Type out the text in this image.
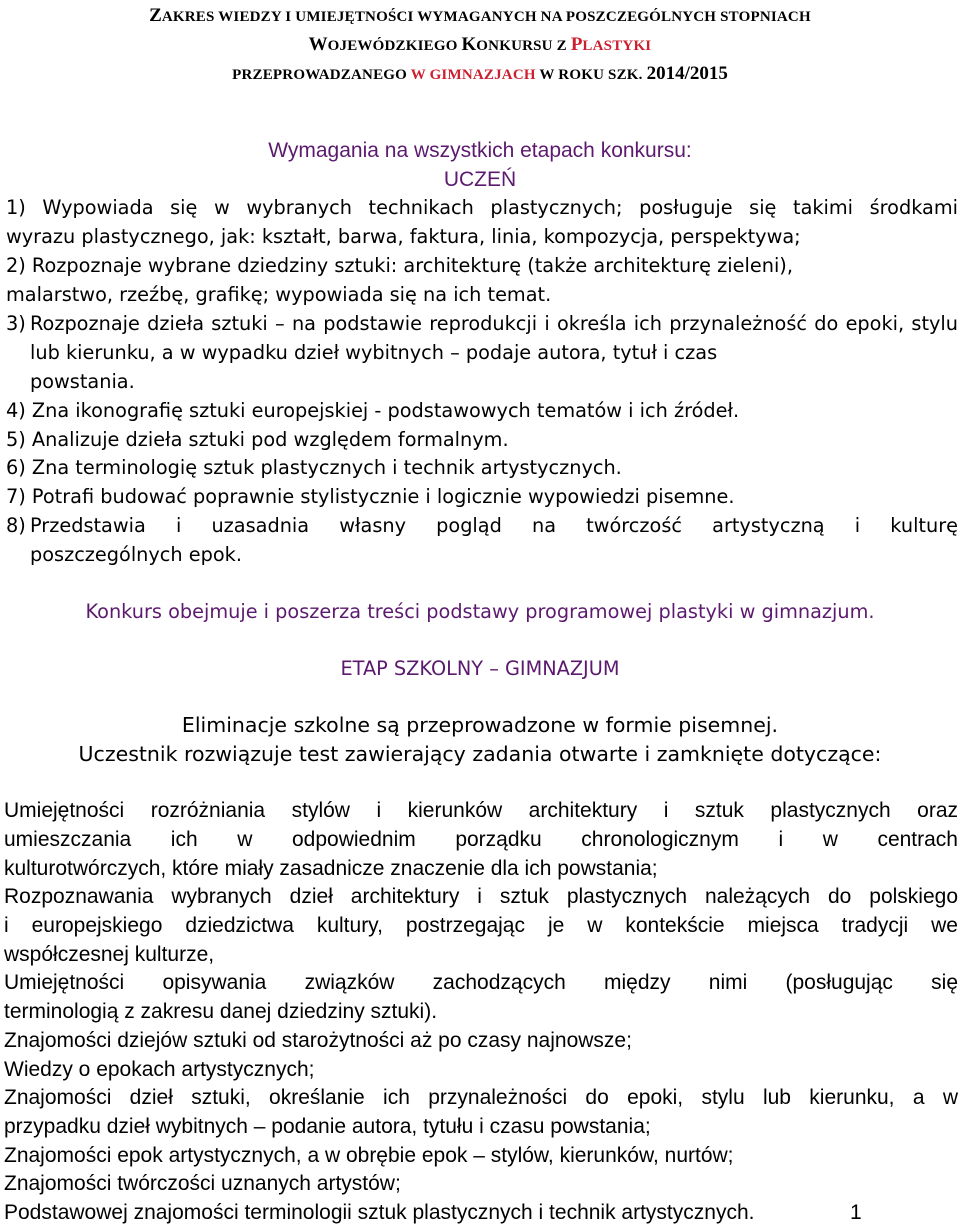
ZAKRES WIEDZY I UMIEJĘTNOŚCI WYMAGANYCH NA POSZCZEGÓLNYCH STOPNIACH
WOJEWÓDZKIEGO KONKURSU Z PLASTYKI
PRZEPROWADZANEGO W GIMNAZJACH W ROKU SZK. 2014/2015
Wymagania na wszystkich etapach konkursu:
UCZEŃ
1) Wypowiada się w wybranych technikach plastycznych; posługuje się takimi środkami
wyrazu plastycznego, jak: kształt, barwa, faktura, linia, kompozycja, perspektywa;
2) Rozpoznaje wybrane dziedziny sztuki: architekturę (także architekturę zieleni),
malarstwo, rzeźbę, grafikę; wypowiada się na ich temat.
3) Rozpoznaje dzieła sztuki – na podstawie reprodukcji i określa ich przynależność do epoki, stylu lub kierunku, a w wypadku dzieł wybitnych – podaje autora, tytuł i czas
powstania.
4) Zna ikonografię sztuki europejskiej - podstawowych tematów i ich źródeł.
5) Analizuje dzieła sztuki pod względem formalnym.
6) Zna terminologię sztuk plastycznych i technik artystycznych.
7) Potrafi budować poprawnie stylistycznie i logicznie wypowiedzi pisemne.
8) Przedstawia i uzasadnia własny pogląd na twórczość artystyczną i kulturę
poszczególnych epok.
Konkurs obejmuje i poszerza treści podstawy programowej plastyki w gimnazjum.
ETAP SZKOLNY – GIMNAZJUM
Eliminacje szkolne są przeprowadzone w formie pisemnej.
Uczestnik rozwiązuje test zawierający zadania otwarte i zamknięte dotyczące:
Umiejętności rozróżniania stylów i kierunków architektury i sztuk plastycznych oraz
umieszczania ich w odpowiednim porządku chronologicznym i w centrach
kulturotwórczych, które miały zasadnicze znaczenie dla ich powstania;
Rozpoznawania wybranych dzieł architektury i sztuk plastycznych należących do polskiego
i europejskiego dziedzictwa kultury, postrzegając je w kontekście miejsca tradycji we
współczesnej kulturze,
Umiejętności opisywania związków zachodzących między nimi (posługując się
terminologią z zakresu danej dziedziny sztuki).
Znajomości dziejów sztuki od starożytności aż po czasy najnowsze;
Wiedzy o epokach artystycznych;
Znajomości dzieł sztuki, określanie ich przynależności do epoki, stylu lub kierunku, a w
przypadku dzieł wybitnych – podanie autora, tytułu i czasu powstania;
Znajomości epok artystycznych, a w obrębie epok – stylów, kierunków, nurtów;
Znajomości twórczości uznanych artystów;
Podstawowej znajomości terminologii sztuk plastycznych i technik artystycznych.	1
